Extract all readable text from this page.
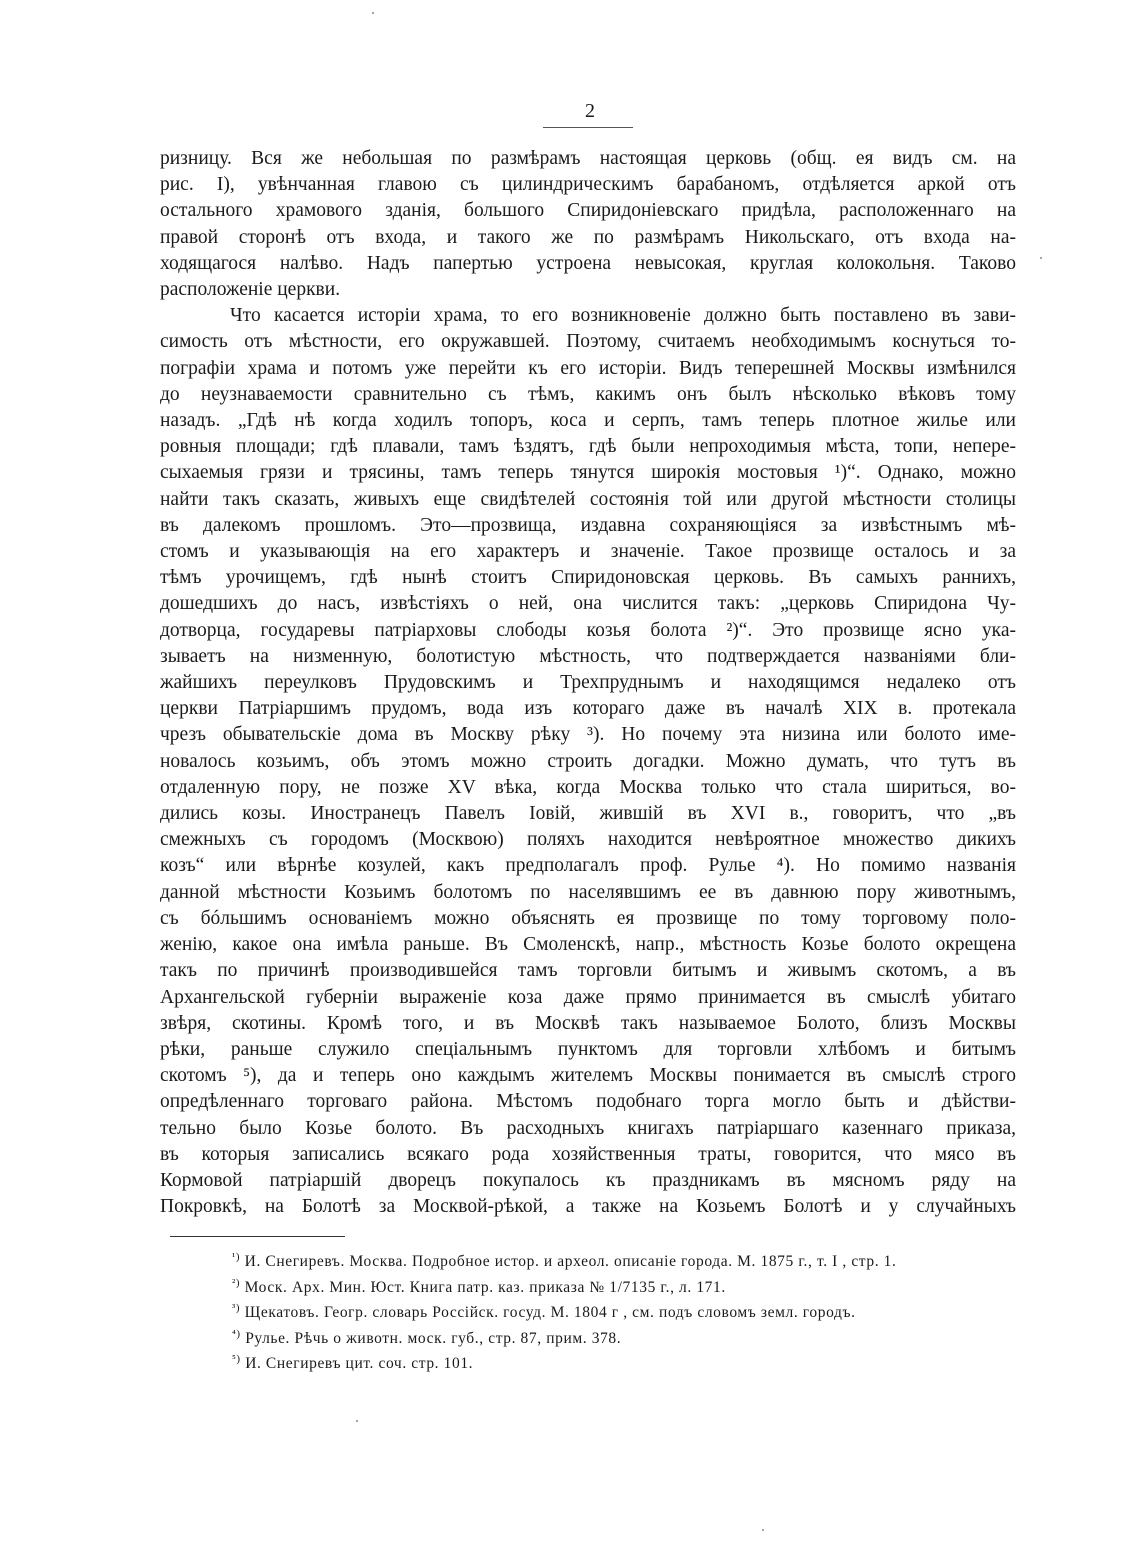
2

ризницу. Вся же небольшая по размѣрамъ настоящая церковь (общ. ея видъ см. на
рис. I), увѣнчанная главою съ цилиндрическимъ барабаномъ, отдѣляется аркой отъ
остального храмового зданія, большого Спиридоніевскаго придѣла, расположеннаго на
правой сторонѣ отъ входа, и такого же по размѣрамъ Никольскаго, отъ входа на-
ходящагося налѣво. Надъ папертью устроена невысокая, круглая колокольня. Таково
расположеніе церкви.

Что касается исторіи храма, то его возникновеніе должно быть поставлено въ зави-
симость отъ мѣстности, его окружавшей. Поэтому, считаемъ необходимымъ коснуться то-
пографіи храма и потомъ уже перейти къ его исторіи. Видъ теперешней Москвы измѣнился
до неузнаваемости сравнительно съ тѣмъ, какимъ онъ былъ нѣсколько вѣковъ тому
назадъ. „Гдѣ нѣ когда ходилъ топоръ, коса и серпъ, тамъ теперь плотное жилье или
ровныя площади; гдѣ плавали, тамъ ѣздятъ, гдѣ были непроходимыя мѣста, топи, непере-
сыхаемыя грязи и трясины, тамъ теперь тянутся широкія мостовыя ¹)“. Однако, можно
найти такъ сказать, живыхъ еще свидѣтелей состоянія той или другой мѣстности столицы
въ далекомъ прошломъ. Это—прозвища, издавна сохраняющіяся за извѣстнымъ мѣ-
стомъ и указывающія на его характеръ и значеніе. Такое прозвище осталось и за
тѣмъ урочищемъ, гдѣ нынѣ стоитъ Спиридоновская церковь. Въ самыхъ раннихъ,
дошедшихъ до насъ, извѣстіяхъ о ней, она числится такъ: „церковь Спиридона Чу-
дотворца, государевы патріарховы слободы козья болота ²)“. Это прозвище ясно ука-
зываетъ на низменную, болотистую мѣстность, что подтверждается названіями бли-
жайшихъ переулковъ Прудовскимъ и Трехпруднымъ и находящимся недалеко отъ
церкви Патріаршимъ прудомъ, вода изъ котораго даже въ началѣ XIX в. протекала
чрезъ обывательскіе дома въ Москву рѣку ³). Но почему эта низина или болото име-
новалось козьимъ, объ этомъ можно строить догадки. Можно думать, что тутъ въ
отдаленную пору, не позже XV вѣка, когда Москва только что стала шириться, во-
дились козы. Иностранецъ Павелъ Іовій, жившій въ XVI в., говоритъ, что „въ
смежныхъ съ городомъ (Москвою) поляхъ находится невѣроятное множество дикихъ
козъ“ или вѣрнѣе козулей, какъ предполагалъ проф. Рулье ⁴). Но помимо названія
данной мѣстности Козьимъ болотомъ по населявшимъ ее въ давнюю пору животнымъ,
съ бóльшимъ основаніемъ можно объяснять ея прозвище по тому торговому поло-
женію, какое она имѣла раньше. Въ Смоленскѣ, напр., мѣстность Козье болото окрещена
такъ по причинѣ производившейся тамъ торговли битымъ и живымъ скотомъ, а въ
Архангельской губерніи выраженіе коза даже прямо принимается въ смыслѣ убитаго
звѣря, скотины. Кромѣ того, и въ Москвѣ такъ называемое Болото, близъ Москвы
рѣки, раньше служило спеціальнымъ пунктомъ для торговли хлѣбомъ и битымъ
скотомъ ⁵), да и теперь оно каждымъ жителемъ Москвы понимается въ смыслѣ строго
опредѣленнаго торговаго района. Мѣстомъ подобнаго торга могло быть и дѣйстви-
тельно было Козье болото. Въ расходныхъ книгахъ патріаршаго казеннаго приказа,
въ которыя записались всякаго рода хозяйственныя траты, говорится, что мясо въ
Кормовой патріаршій дворецъ покупалось къ праздникамъ въ мясномъ ряду на
Покровкѣ, на Болотѣ за Москвой-рѣкой, а также на Козьемъ Болотѣ и у случайныхъ

$^{^1)}$ И. Снегиревъ. Москва. Подробное истор. и археол. описаніе города. М. 1875 г., т. I , стр. 1.
$^{^2)}$ Моск. Арх. Мин. Юст. Книга патр. каз. приказа № 1/7135 г., л. 171.
$^{^3)}$ Щекатовъ. Геогр. словарь Россійск. госуд. М. 1804 г , см. подъ словомъ земл. городъ.
$^{^4)}$ Рулье. Рѣчь о животн. моск. губ., стр. 87, прим. 378.
$^{^5)}$ И. Снегиревъ цит. соч. стр. 101.
